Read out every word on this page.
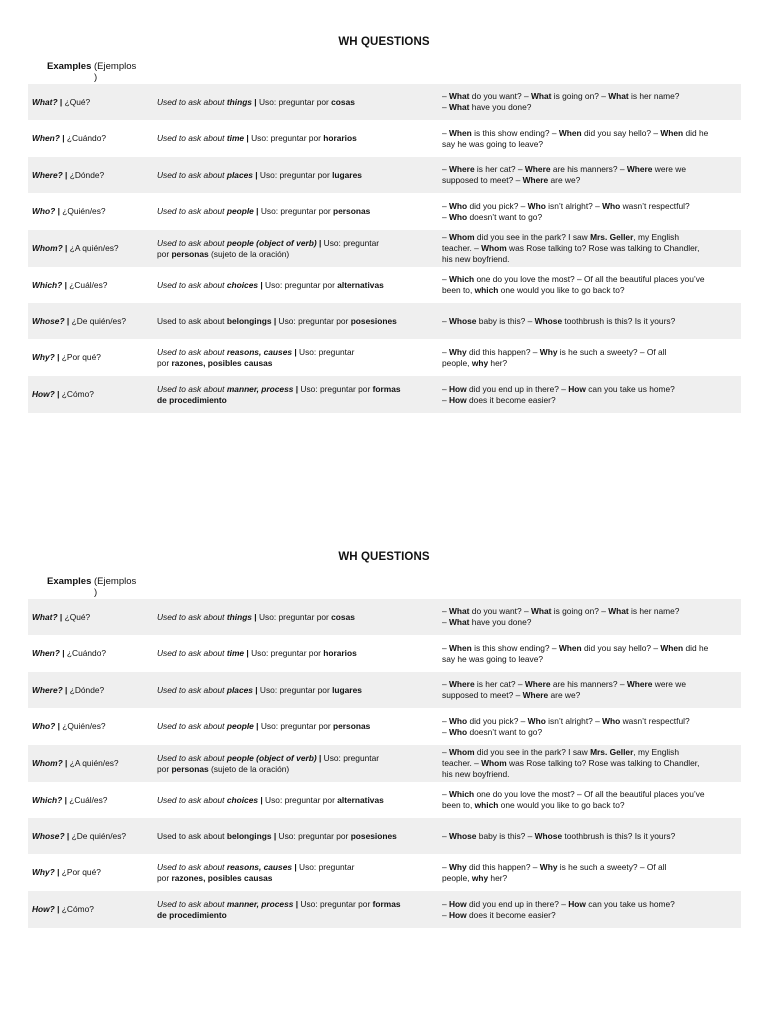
WH QUESTIONS
Examples (Ejemplos
)
What? | ¿Qué?	Used to ask about things | Uso: preguntar por cosas	– What do you want? – What is going on? – What is her name?
– What have you done?
When? | ¿Cuándo?	Used to ask about time | Uso: preguntar por horarios	– When is this show ending? – When did you say hello? – When did he
say he was going to leave?
Where? | ¿Dónde?	Used to ask about places | Uso: preguntar por lugares	– Where is her cat? – Where are his manners? – Where were we
supposed to meet? – Where are we?
Who? | ¿Quién/es?	Used to ask about people | Uso: preguntar por personas	– Who did you pick? – Who isn’t alright? – Who wasn’t respectful?
– Who doesn’t want to go?
Whom? | ¿A quién/es?	Used to ask about people (object of verb) | Uso: preguntar
por personas (sujeto de la oración)	– Whom did you see in the park? I saw Mrs. Geller, my English
teacher. – Whom was Rose talking to? Rose was talking to Chandler,
his new boyfriend.
Which? | ¿Cuál/es?	Used to ask about choices | Uso: preguntar por alternativas	– Which one do you love the most? – Of all the beautiful places you’ve
been to, which one would you like to go back to?
Whose? | ¿De quién/es?	Used to ask about belongings | Uso: preguntar por posesiones	– Whose baby is this? – Whose toothbrush is this? Is it yours?
Why? | ¿Por qué?	Used to ask about reasons, causes | Uso: preguntar
por razones, posibles causas	– Why did this happen? – Why is he such a sweety? – Of all
people, why her?
How? | ¿Cómo?	Used to ask about manner, process | Uso: preguntar por formas
de procedimiento	– How did you end up in there? – How can you take us home?
– How does it become easier?
WH QUESTIONS
Examples (Ejemplos
)
What? | ¿Qué?	Used to ask about things | Uso: preguntar por cosas	– What do you want? – What is going on? – What is her name?
– What have you done?
When? | ¿Cuándo?	Used to ask about time | Uso: preguntar por horarios	– When is this show ending? – When did you say hello? – When did he
say he was going to leave?
Where? | ¿Dónde?	Used to ask about places | Uso: preguntar por lugares	– Where is her cat? – Where are his manners? – Where were we
supposed to meet? – Where are we?
Who? | ¿Quién/es?	Used to ask about people | Uso: preguntar por personas	– Who did you pick? – Who isn’t alright? – Who wasn’t respectful?
– Who doesn’t want to go?
Whom? | ¿A quién/es?	Used to ask about people (object of verb) | Uso: preguntar
por personas (sujeto de la oración)	– Whom did you see in the park? I saw Mrs. Geller, my English
teacher. – Whom was Rose talking to? Rose was talking to Chandler,
his new boyfriend.
Which? | ¿Cuál/es?	Used to ask about choices | Uso: preguntar por alternativas	– Which one do you love the most? – Of all the beautiful places you’ve
been to, which one would you like to go back to?
Whose? | ¿De quién/es?	Used to ask about belongings | Uso: preguntar por posesiones	– Whose baby is this? – Whose toothbrush is this? Is it yours?
Why? | ¿Por qué?	Used to ask about reasons, causes | Uso: preguntar
por razones, posibles causas	– Why did this happen? – Why is he such a sweety? – Of all
people, why her?
How? | ¿Cómo?	Used to ask about manner, process | Uso: preguntar por formas
de procedimiento	– How did you end up in there? – How can you take us home?
– How does it become easier?
